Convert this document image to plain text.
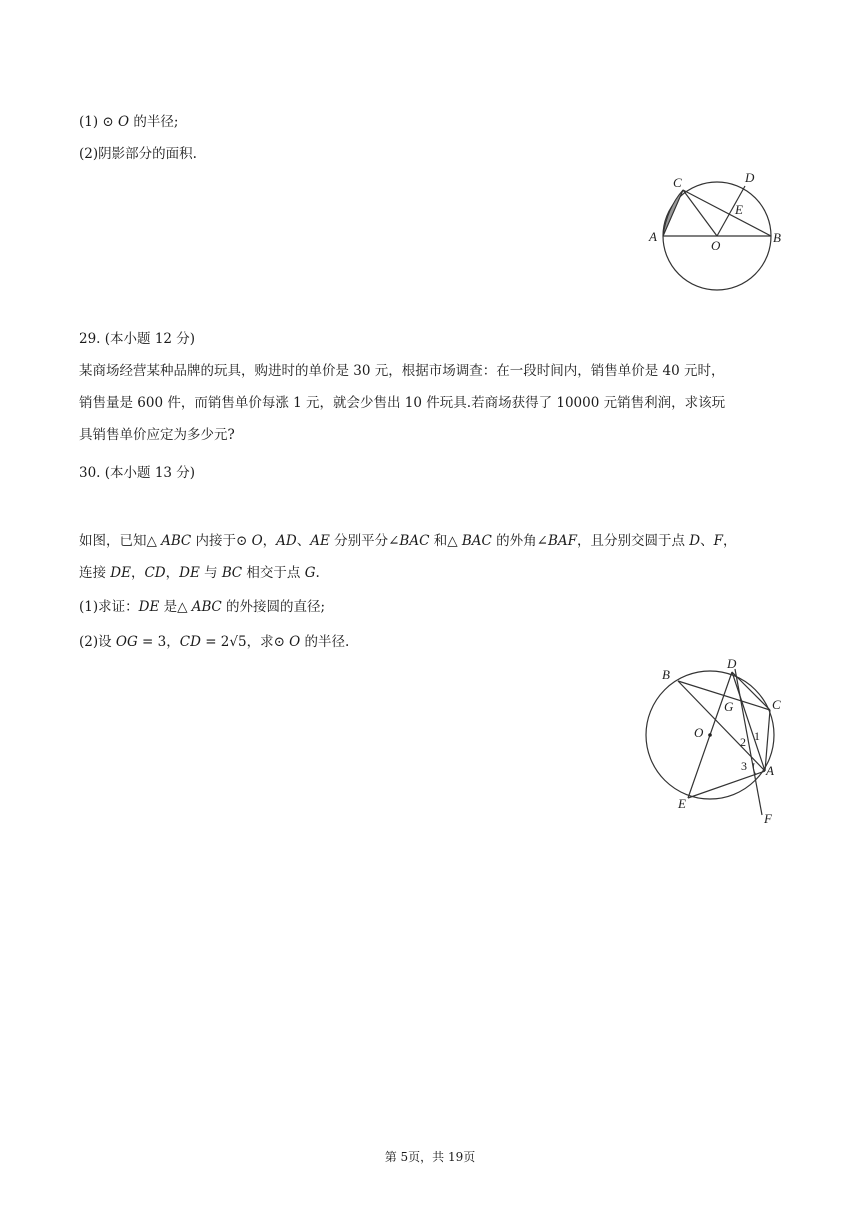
(1) ⊙ 𝑂 的半径;
(2)阴影部分的面积.
C	D
E
A
O
B
29. (本小题 12 分)
某商场经营某种品牌的玩具，购进时的单价是 30 元，根据市场调查：在一段时间内，销售单价是 40 元时，
销售量是 600 件，而销售单价每涨 1 元，就会少售出 10 件玩具.若商场获得了 10000 元销售利润，求该玩
具销售单价应定为多少元?
30. (本小题 13 分)
如图，已知△ 𝐴𝐵𝐶 内接于⊙ 𝑂，𝐴𝐷、𝐴𝐸 分别平分∠𝐵𝐴𝐶 和△ 𝐵𝐴𝐶 的外角∠𝐵𝐴𝐹，且分别交圆于点 𝐷、𝐹，
连接 𝐷𝐸，𝐶𝐷，𝐷𝐸 与 𝐵𝐶 相交于点 𝐺.
(1)求证：𝐷𝐸 是△ 𝐴𝐵𝐶 的外接圆的直径;
(2)设 𝑂𝐺 = 3，𝐶𝐷 = 2√5，求⊙ 𝑂 的半径.
B
D
C
G
O
2 1
3 A
E
F
第 5页，共 19页
